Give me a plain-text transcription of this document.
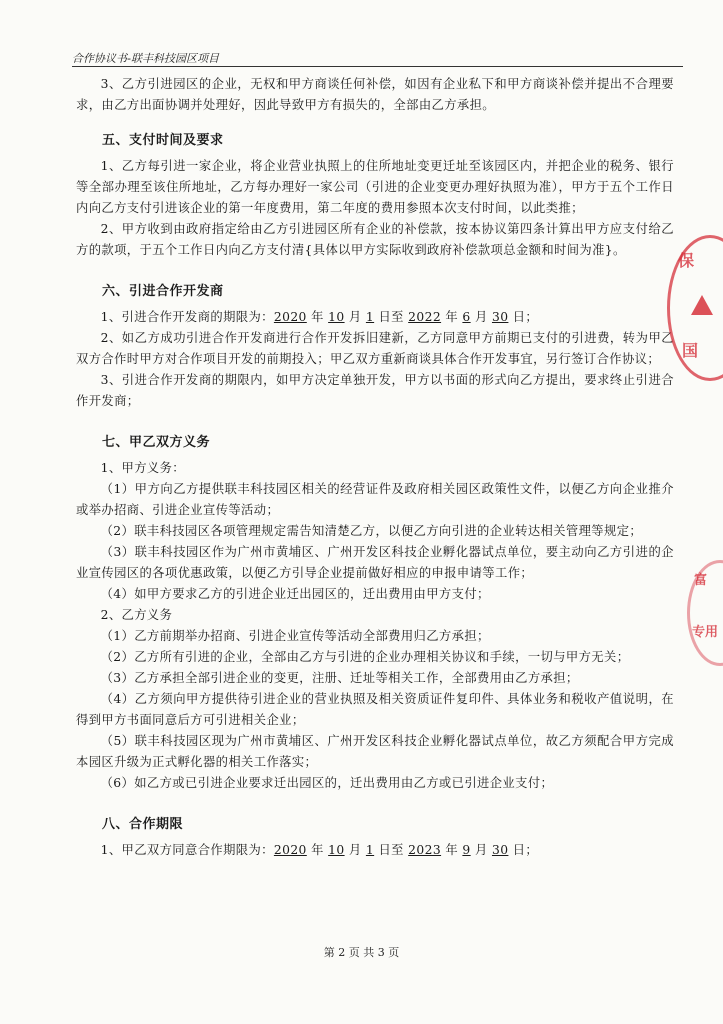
合作协议书-联丰科技园区项目

3、乙方引进园区的企业，无权和甲方商谈任何补偿，如因有企业私下和甲方商谈补偿并提出不合理要求，由乙方出面协调并处理好，因此导致甲方有损失的，全部由乙方承担。

五、支付时间及要求

1、乙方每引进一家企业，将企业营业执照上的住所地址变更迁址至该园区内，并把企业的税务、银行等全部办理至该住所地址，乙方每办理好一家公司（引进的企业变更办理好执照为准），甲方于五个工作日内向乙方支付引进该企业的第一年度费用，第二年度的费用参照本次支付时间，以此类推；

2、甲方收到由政府指定给由乙方引进园区所有企业的补偿款，按本协议第四条计算出甲方应支付给乙方的款项，于五个工作日内向乙方支付清{具体以甲方实际收到政府补偿款项总金额和时间为准}。

六、引进合作开发商

1、引进合作开发商的期限为：2020 年 10 月 1 日至 2022 年 6 月 30 日；

2、如乙方成功引进合作开发商进行合作开发拆旧建新，乙方同意甲方前期已支付的引进费，转为甲乙双方合作时甲方对合作项目开发的前期投入；甲乙双方重新商谈具体合作开发事宜，另行签订合作协议；

3、引进合作开发商的期限内，如甲方决定单独开发，甲方以书面的形式向乙方提出，要求终止引进合作开发商；

七、甲乙双方义务

1、甲方义务：

（1）甲方向乙方提供联丰科技园区相关的经营证件及政府相关园区政策性文件，以便乙方向企业推介或举办招商、引进企业宣传等活动；

（2）联丰科技园区各项管理规定需告知清楚乙方，以便乙方向引进的企业转达相关管理等规定；

（3）联丰科技园区作为广州市黄埔区、广州开发区科技企业孵化器试点单位，要主动向乙方引进的企业宣传园区的各项优惠政策，以便乙方引导企业提前做好相应的申报申请等工作；

（4）如甲方要求乙方的引进企业迁出园区的，迁出费用由甲方支付；

2、乙方义务

（1）乙方前期举办招商、引进企业宣传等活动全部费用归乙方承担；

（2）乙方所有引进的企业，全部由乙方与引进的企业办理相关协议和手续，一切与甲方无关；

（3）乙方承担全部引进企业的变更，注册、迁址等相关工作，全部费用由乙方承担；

（4）乙方须向甲方提供待引进企业的营业执照及相关资质证件复印件、具体业务和税收产值说明，在得到甲方书面同意后方可引进相关企业；

（5）联丰科技园区现为广州市黄埔区、广州开发区科技企业孵化器试点单位，故乙方须配合甲方完成本园区升级为正式孵化器的相关工作落实；

（6）如乙方或已引进企业要求迁出园区的，迁出费用由乙方或已引进企业支付；

八、合作期限

1、甲乙双方同意合作期限为：2020 年 10 月 1 日至 2023 年 9 月 30 日；

第 2 页 共 3 页
保
国
富
专用
